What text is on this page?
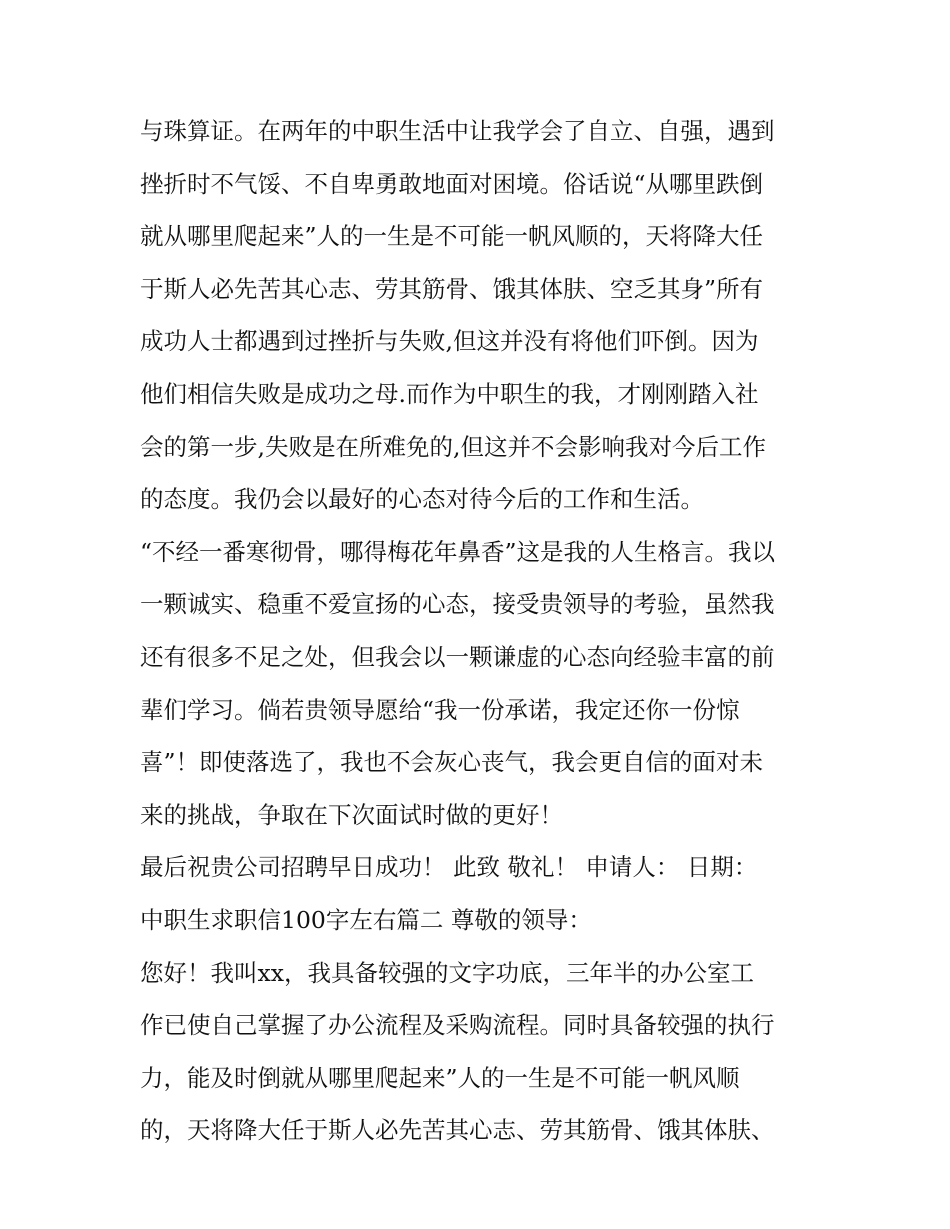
与珠算证。在两年的中职生活中让我学会了自立、自强，遇到
挫折时不气馁、不自卑勇敢地面对困境。俗话说“从哪里跌倒
就从哪里爬起来”人的一生是不可能一帆风顺的，天将降大任
于斯人必先苦其心志、劳其筋骨、饿其体肤、空乏其身”所有
成功人士都遇到过挫折与失败,但这并没有将他们吓倒。因为
他们相信失败是成功之母.而作为中职生的我，才刚刚踏入社
会的第一步,失败是在所难免的,但这并不会影响我对今后工作
的态度。我仍会以最好的心态对待今后的工作和生活。
“不经一番寒彻骨，哪得梅花年鼻香”这是我的人生格言。我以
一颗诚实、稳重不爱宣扬的心态，接受贵领导的考验，虽然我
还有很多不足之处，但我会以一颗谦虚的心态向经验丰富的前
辈们学习。倘若贵领导愿给“我一份承诺，我定还你一份惊
喜”！即使落选了，我也不会灰心丧气，我会更自信的面对未
来的挑战，争取在下次面试时做的更好！
最后祝贵公司招聘早日成功！ 此致 敬礼！ 申请人： 日期：
中职生求职信100字左右篇二 尊敬的领导：
您好！我叫xx，我具备较强的文字功底，三年半的办公室工
作已使自己掌握了办公流程及采购流程。同时具备较强的执行
力，能及时倒就从哪里爬起来”人的一生是不可能一帆风顺
的，天将降大任于斯人必先苦其心志、劳其筋骨、饿其体肤、
